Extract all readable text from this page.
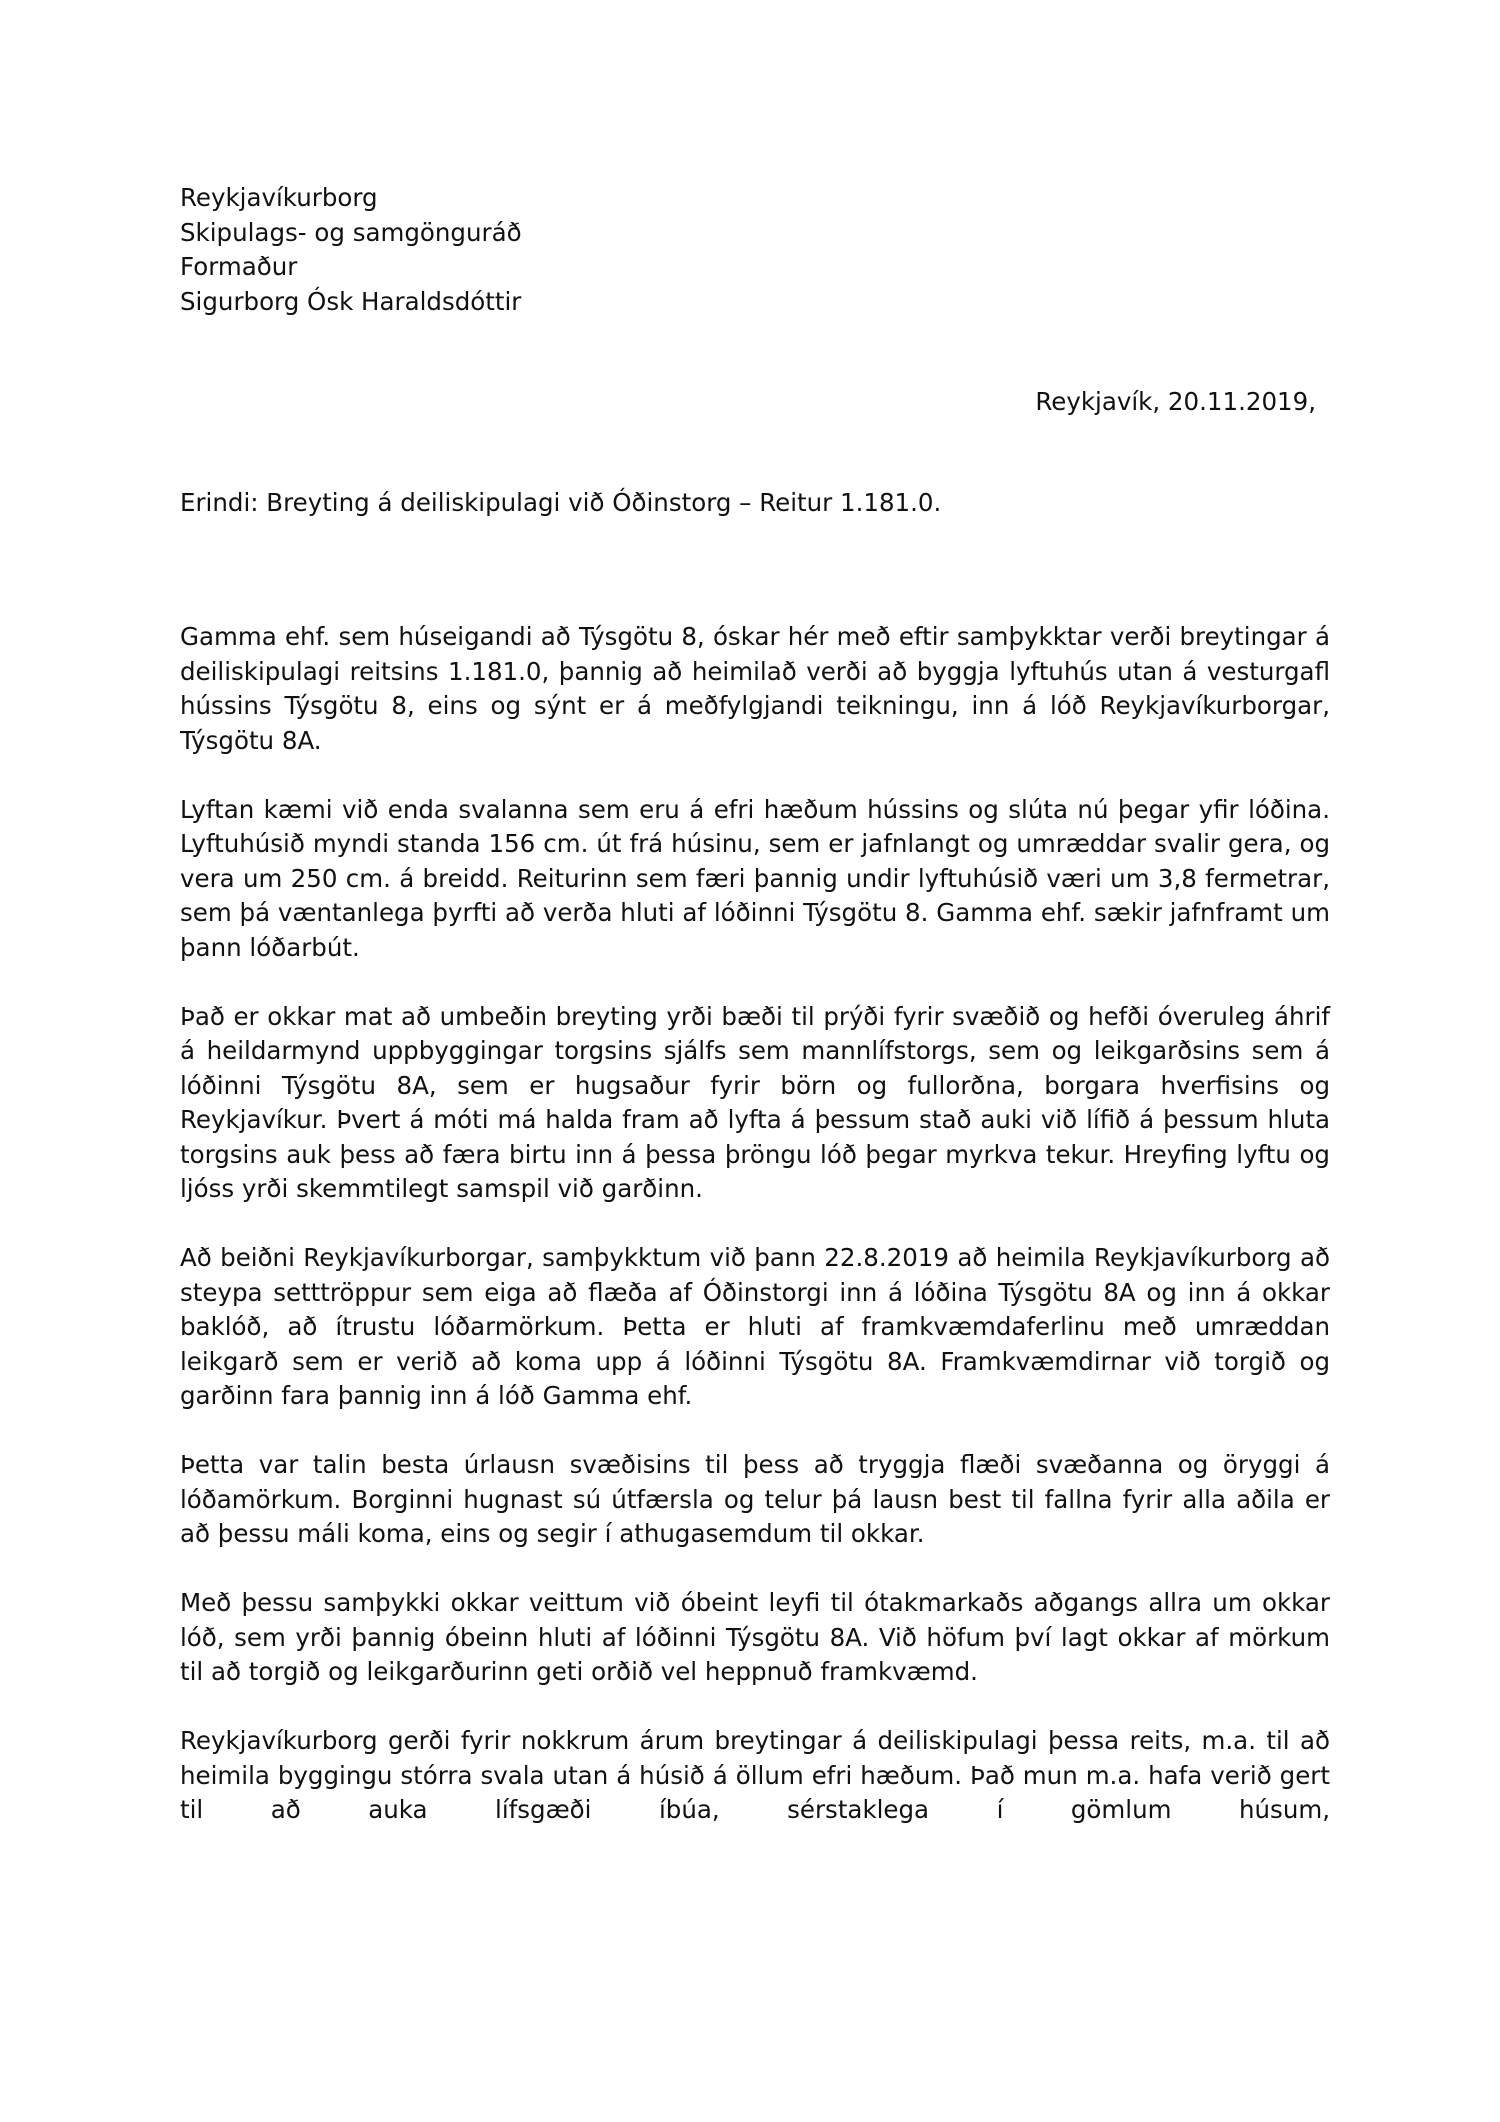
Reykjavíkurborg
Skipulags- og samgönguráð
Formaður
Sigurborg Ósk Haraldsdóttir
Reykjavík, 20.11.2019,
Erindi: Breyting á deiliskipulagi við Óðinstorg – Reitur 1.181.0.

Gamma ehf. sem húseigandi að Týsgötu 8, óskar hér með eftir samþykktar verði breytingar á deiliskipulagi reitsins 1.181.0, þannig að heimilað verði að byggja lyftuhús utan á vesturgafl hússins Týsgötu 8, eins og sýnt er á meðfylgjandi teikningu, inn á lóð Reykjavíkurborgar, Týsgötu 8A.

Lyftan kæmi við enda svalanna sem eru á efri hæðum hússins og slúta nú þegar yfir lóðina. Lyftuhúsið myndi standa 156 cm. út frá húsinu, sem er jafnlangt og umræddar svalir gera, og vera um 250 cm. á breidd. Reiturinn sem færi þannig undir lyftuhúsið væri um 3,8 fermetrar, sem þá væntanlega þyrfti að verða hluti af lóðinni Týsgötu 8. Gamma ehf. sækir jafnframt um þann lóðarbút.

Það er okkar mat að umbeðin breyting yrði bæði til prýði fyrir svæðið og hefði óveruleg áhrif á heildarmynd uppbyggingar torgsins sjálfs sem mannlífstorgs, sem og leikgarðsins sem á lóðinni Týsgötu 8A, sem er hugsaður fyrir börn og fullorðna, borgara hverfisins og Reykjavíkur. Þvert á móti má halda fram að lyfta á þessum stað auki við lífið á þessum hluta torgsins auk þess að færa birtu inn á þessa þröngu lóð þegar myrkva tekur. Hreyfing lyftu og ljóss yrði skemmtilegt samspil við garðinn.

Að beiðni Reykjavíkurborgar, samþykktum við þann 22.8.2019 að heimila Reykjavíkurborg að steypa setttröppur sem eiga að flæða af Óðinstorgi inn á lóðina Týsgötu 8A og inn á okkar baklóð, að ítrustu lóðarmörkum. Þetta er hluti af framkvæmdaferlinu með umræddan leikgarð sem er verið að koma upp á lóðinni Týsgötu 8A. Framkvæmdirnar við torgið og garðinn fara þannig inn á lóð Gamma ehf.

Þetta var talin besta úrlausn svæðisins til þess að tryggja flæði svæðanna og öryggi á lóðamörkum. Borginni hugnast sú útfærsla og telur þá lausn best til fallna fyrir alla aðila er að þessu máli koma, eins og segir í athugasemdum til okkar.

Með þessu samþykki okkar veittum við óbeint leyfi til ótakmarkaðs aðgangs allra um okkar lóð, sem yrði þannig óbeinn hluti af lóðinni Týsgötu 8A. Við höfum því lagt okkar af mörkum til að torgið og leikgarðurinn geti orðið vel heppnuð framkvæmd.

Reykjavíkurborg gerði fyrir nokkrum árum breytingar á deiliskipulagi þessa reits, m.a. til að heimila byggingu stórra svala utan á húsið á öllum efri hæðum. Það mun m.a. hafa verið gert til að auka lífsgæði íbúa, sérstaklega í gömlum húsum,
